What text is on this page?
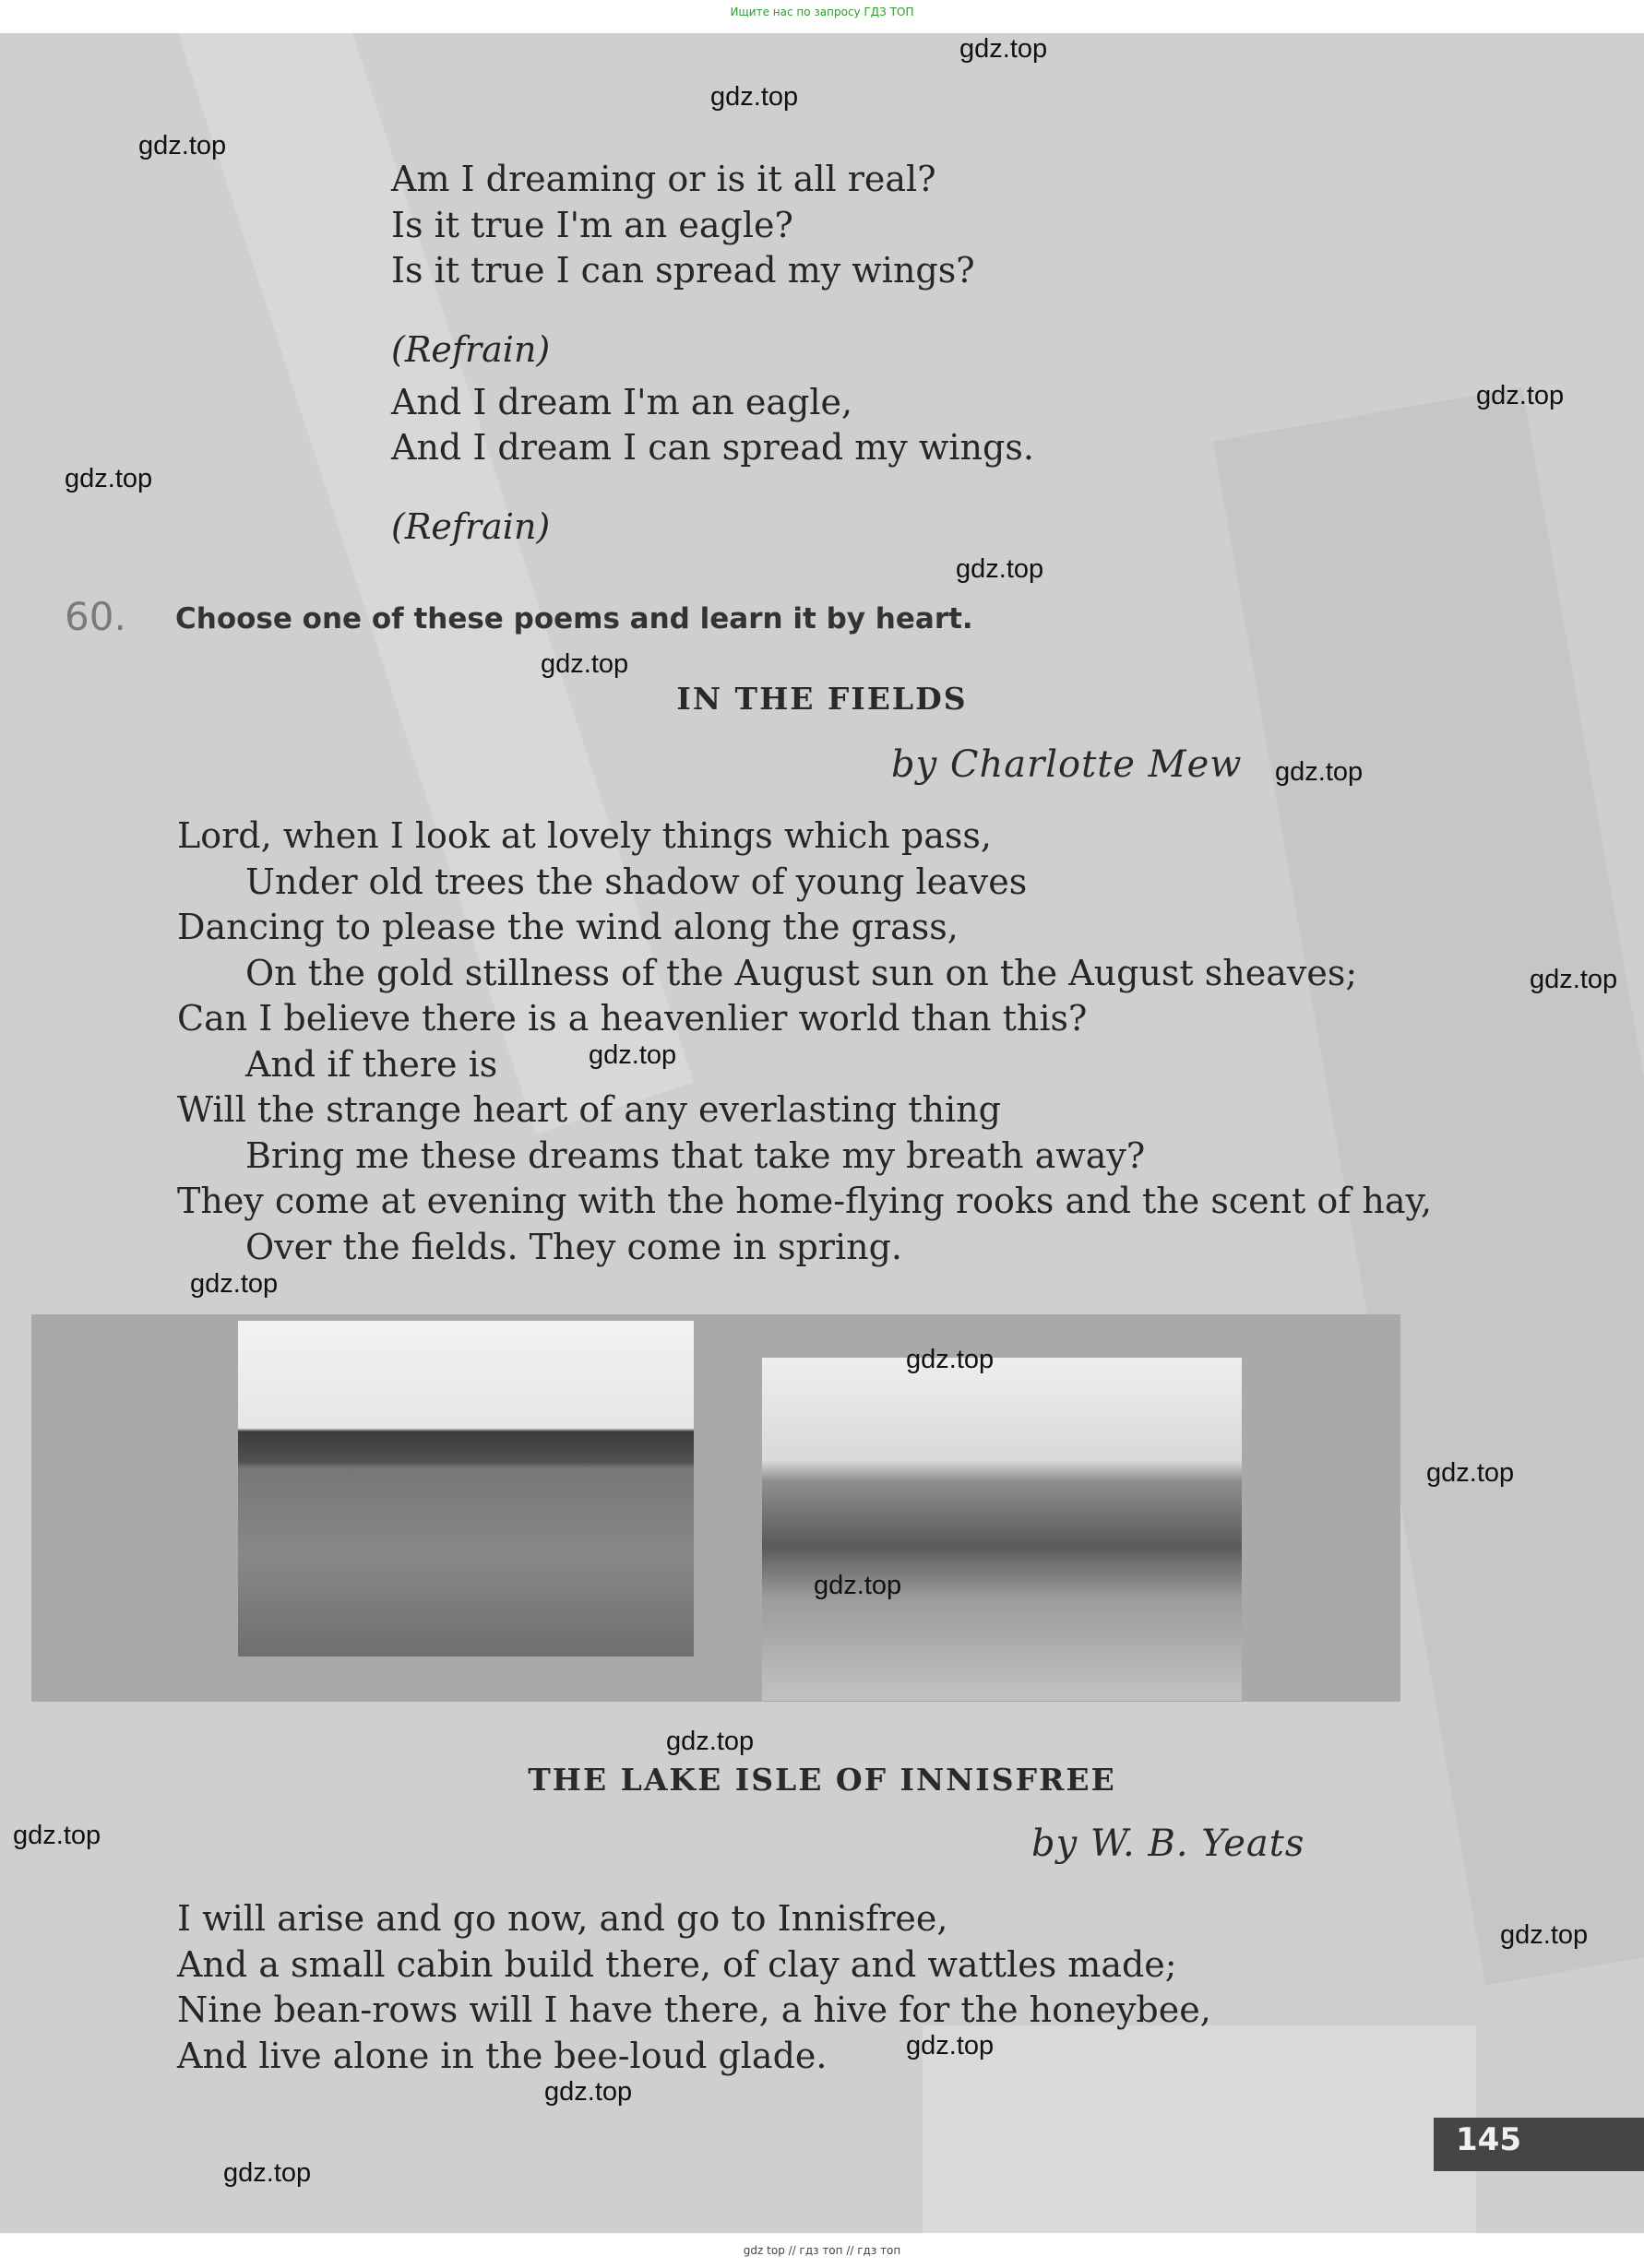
Ищите нас по запросу ГДЗ ТОП
Am I dreaming or is it all real?
Is it true I'm an eagle?
Is it true I can spread my wings?
(Refrain)
And I dream I'm an eagle,
And I dream I can spread my wings.
(Refrain)
60. Choose one of these poems and learn it by heart.
IN THE FIELDS
by Charlotte Mew
Lord, when I look at lovely things which pass,
Under old trees the shadow of young leaves
Dancing to please the wind along the grass,
On the gold stillness of the August sun on the August sheaves;
Can I believe there is a heavenlier world than this?
And if there is
Will the strange heart of any everlasting thing
Bring me these dreams that take my breath away?
They come at evening with the home-flying rooks and the scent of hay,
Over the fields. They come in spring.
THE LAKE ISLE OF INNISFREE
by W. B. Yeats
I will arise and go now, and go to Innisfree,
And a small cabin build there, of clay and wattles made;
Nine bean-rows will I have there, a hive for the honeybee,
And live alone in the bee-loud glade.
145
gdz.top
gdz.top
gdz.top
gdz.top
gdz.top
gdz.top
gdz.top
gdz.top
gdz.top
gdz.top
gdz.top
gdz.top
gdz.top
gdz.top
gdz.top
gdz.top
gdz.top
gdz.top
gdz.top
gdz.top
gdz top // гдз топ // гдз топ
